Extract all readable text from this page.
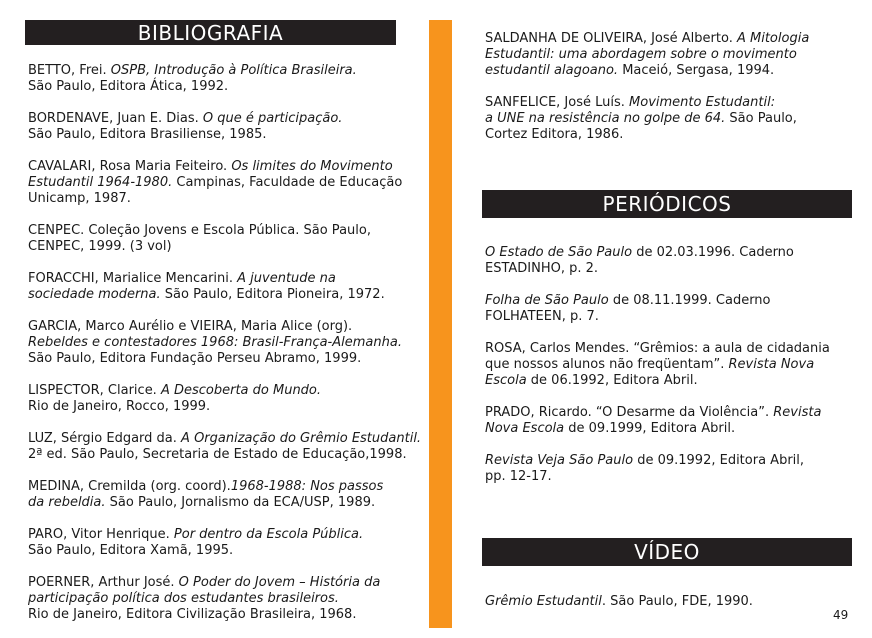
BIBLIOGRAFIA
PERIÓDICOS
VÍDEO
BETTO, Frei. OSPB, Introdução à Política Brasileira.
São Paulo, Editora Ática, 1992.
BORDENAVE, Juan E. Dias. O que é participação.
São Paulo, Editora Brasiliense, 1985.
CAVALARI, Rosa Maria Feiteiro. Os limites do Movimento
Estudantil 1964-1980. Campinas, Faculdade de Educação
Unicamp, 1987.
CENPEC. Coleção Jovens e Escola Pública. São Paulo,
CENPEC, 1999. (3 vol)
FORACCHI, Marialice Mencarini. A juventude na
sociedade moderna. São Paulo, Editora Pioneira, 1972.
GARCIA, Marco Aurélio e VIEIRA, Maria Alice (org).
Rebeldes e contestadores 1968: Brasil-França-Alemanha.
São Paulo, Editora Fundação Perseu Abramo, 1999.
LISPECTOR, Clarice. A Descoberta do Mundo.
Rio de Janeiro, Rocco, 1999.
LUZ, Sérgio Edgard da. A Organização do Grêmio Estudantil.
2ª ed. São Paulo, Secretaria de Estado de Educação,1998.
MEDINA, Cremilda (org. coord).1968-1988: Nos passos
da rebeldia. São Paulo, Jornalismo da ECA/USP, 1989.
PARO, Vitor Henrique. Por dentro da Escola Pública.
São Paulo, Editora Xamã, 1995.
POERNER, Arthur José. O Poder do Jovem – História da
participação política dos estudantes brasileiros.
Rio de Janeiro, Editora Civilização Brasileira, 1968.
SALDANHA DE OLIVEIRA, José Alberto. A Mitologia
Estudantil: uma abordagem sobre o movimento
estudantil alagoano. Maceió, Sergasa, 1994.
SANFELICE, José Luís. Movimento Estudantil:
a UNE na resistência no golpe de 64. São Paulo,
Cortez Editora, 1986.
O Estado de São Paulo de 02.03.1996. Caderno
ESTADINHO, p. 2.
Folha de São Paulo de 08.11.1999. Caderno
FOLHATEEN, p. 7.
ROSA, Carlos Mendes. “Grêmios: a aula de cidadania
que nossos alunos não freqüentam”. Revista Nova
Escola de 06.1992, Editora Abril.
PRADO, Ricardo. “O Desarme da Violência”. Revista
Nova Escola de 09.1999, Editora Abril.
Revista Veja São Paulo de 09.1992, Editora Abril,
pp. 12-17.
Grêmio Estudantil. São Paulo, FDE, 1990.
49
